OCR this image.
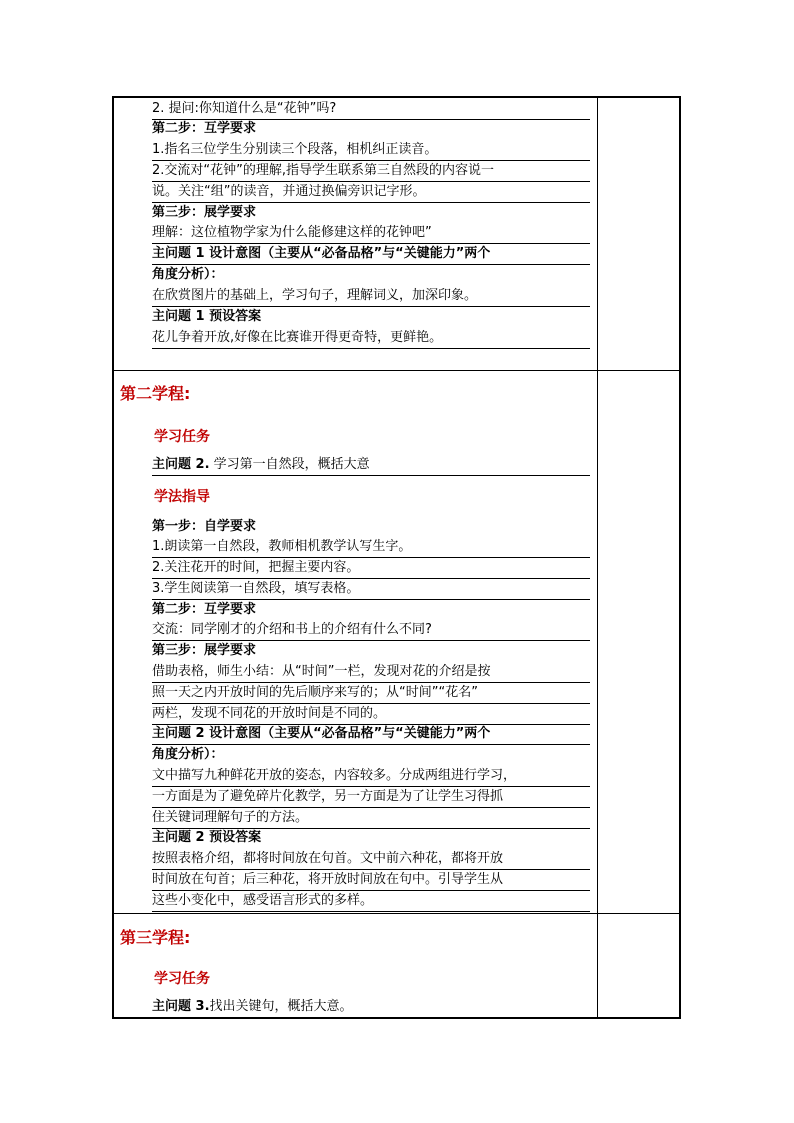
2. 提问:你知道什么是“花钟”吗?
第二步：互学要求
1.指名三位学生分别读三个段落，相机纠正读音。
2.交流对“花钟”的理解,指导学生联系第三自然段的内容说一
说。关注“组”的读音，并通过换偏旁识记字形。
第三步：展学要求
理解：这位植物学家为什么能修建这样的花钟吧”
主问题 1 设计意图（主要从“必备品格”与“关键能力”两个
角度分析）：
在欣赏图片的基础上，学习句子，理解词义，加深印象。
主问题 1 预设答案
花儿争着开放,好像在比赛谁开得更奇特，更鲜艳。
第二学程:
学习任务
主问题 2. 学习第一自然段，概括大意
学法指导
第一步：自学要求
1.朗读第一自然段，教师相机教学认写生字。
2.关注花开的时间，把握主要内容。
3.学生阅读第一自然段，填写表格。
第二步：互学要求
交流：同学刚才的介绍和书上的介绍有什么不同?
第三步：展学要求
借助表格，师生小结：从“时间”一栏，发现对花的介绍是按
照一天之内开放时间的先后顺序来写的；从“时间”“花名”
两栏，发现不同花的开放时间是不同的。
主问题 2 设计意图（主要从“必备品格”与“关键能力”两个
角度分析）：
文中描写九种鲜花开放的姿态，内容较多。分成两组进行学习，
一方面是为了避免碎片化教学，另一方面是为了让学生习得抓
住关键词理解句子的方法。
主问题 2 预设答案
按照表格介绍，都将时间放在句首。文中前六种花，都将开放
时间放在句首；后三种花，将开放时间放在句中。引导学生从
这些小变化中，感受语言形式的多样。
第三学程:
学习任务
主问题 3.找出关键句，概括大意。
